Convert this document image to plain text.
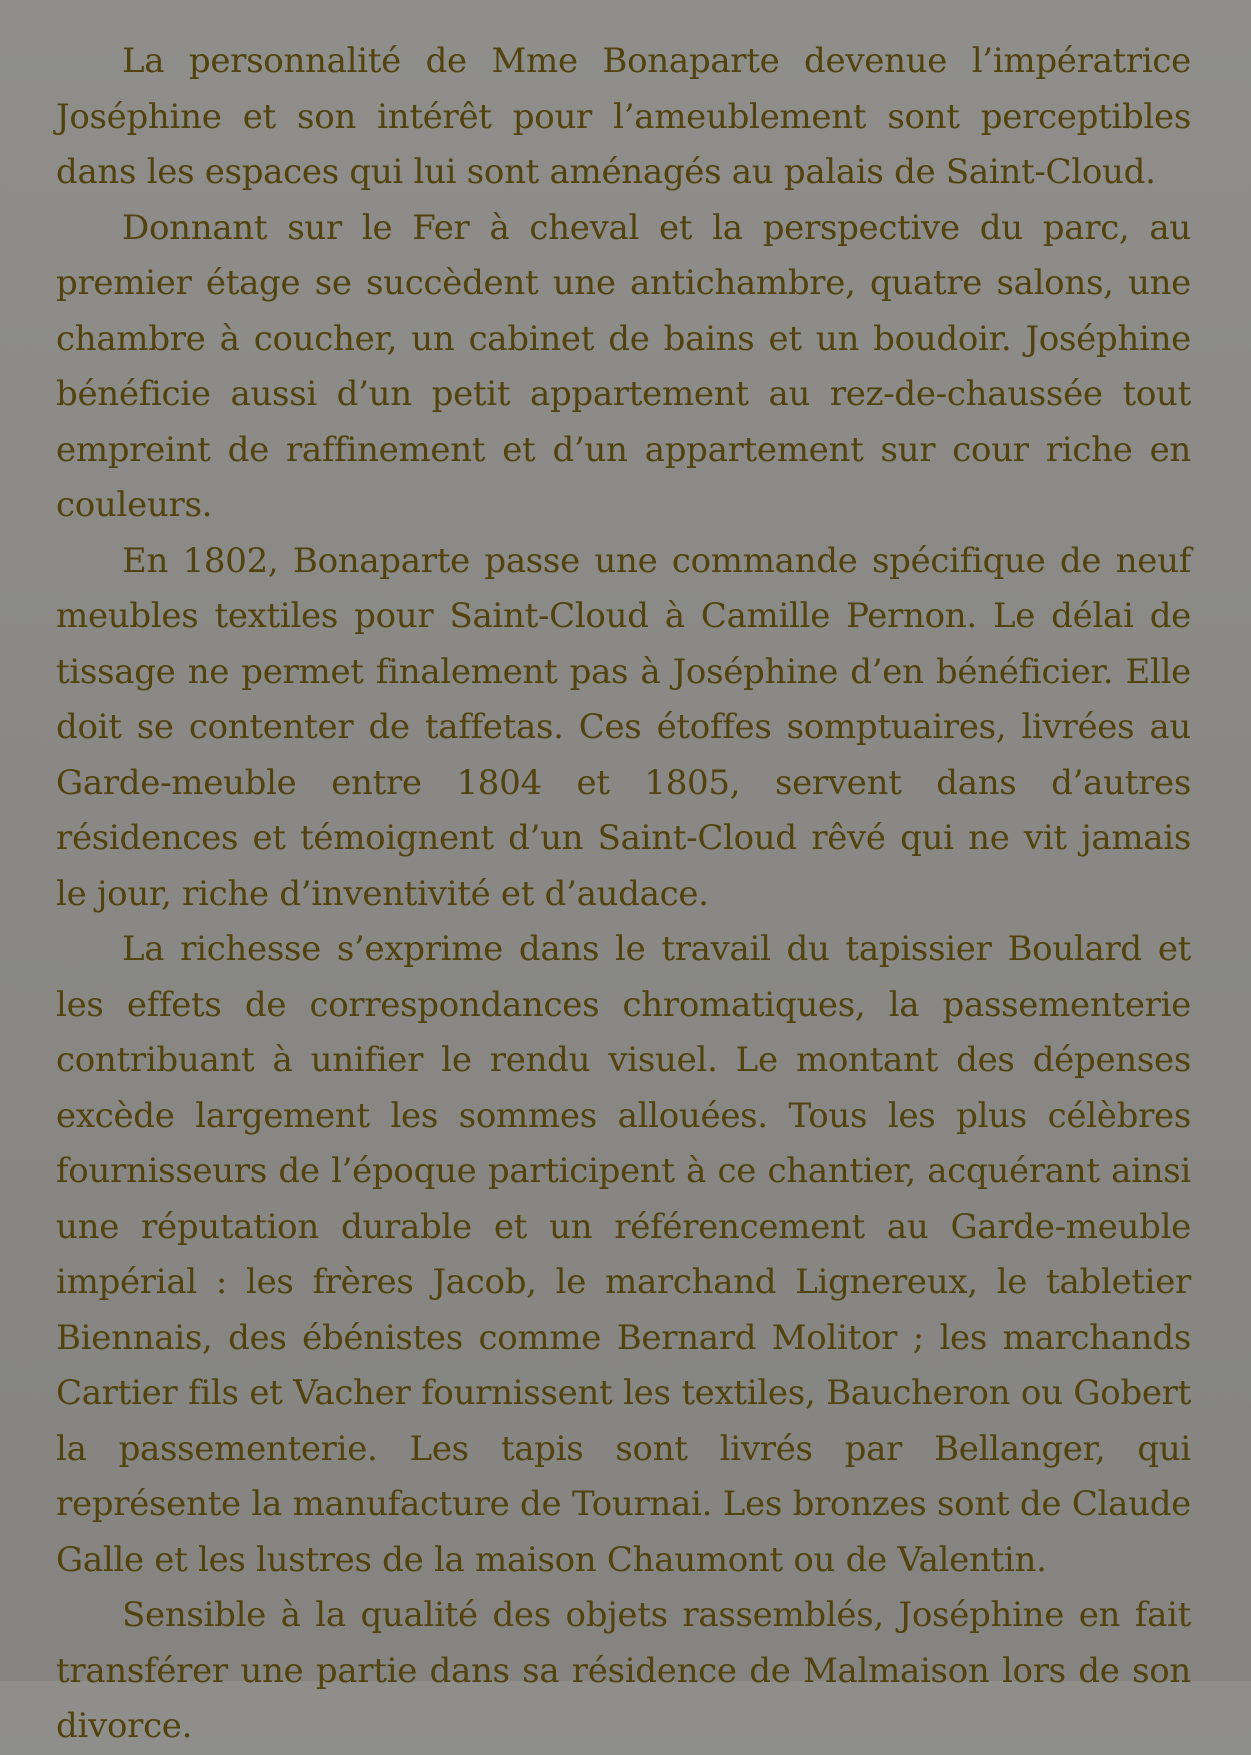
La personnalité de Mme Bonaparte devenue l’impératrice Joséphine et son intérêt pour l’ameublement sont perceptibles dans les espaces qui lui sont aménagés au palais de Saint-Cloud.

Donnant sur le Fer à cheval et la perspective du parc, au premier étage se succèdent une antichambre, quatre salons, une chambre à coucher, un cabinet de bains et un boudoir. Joséphine bénéficie aussi d’un petit appartement au rez-de-chaussée tout empreint de raffinement et d’un appartement sur cour riche en couleurs.

En 1802, Bonaparte passe une commande spécifique de neuf meubles textiles pour Saint-Cloud à Camille Pernon. Le délai de tissage ne permet finalement pas à Joséphine d’en bénéficier. Elle doit se contenter de taffetas. Ces étoffes somptuaires, livrées au Garde-meuble entre 1804 et 1805, servent dans d’autres résidences et témoignent d’un Saint-Cloud rêvé qui ne vit jamais le jour, riche d’inventivité et d’audace.

La richesse s’exprime dans le travail du tapissier Boulard et les effets de correspondances chromatiques, la passementerie contribuant à unifier le rendu visuel. Le montant des dépenses excède largement les sommes allouées. Tous les plus célèbres fournisseurs de l’époque participent à ce chantier, acquérant ainsi une réputation durable et un référencement au Garde-meuble impérial : les frères Jacob, le marchand Lignereux, le tabletier Biennais, des ébénistes comme Bernard Molitor ; les marchands Cartier fils et Vacher fournissent les textiles, Baucheron ou Gobert la passementerie. Les tapis sont livrés par Bellanger, qui représente la manufacture de Tournai. Les bronzes sont de Claude Galle et les lustres de la maison Chaumont ou de Valentin.

Sensible à la qualité des objets rassemblés, Joséphine en fait transférer une partie dans sa résidence de Malmaison lors de son divorce.
